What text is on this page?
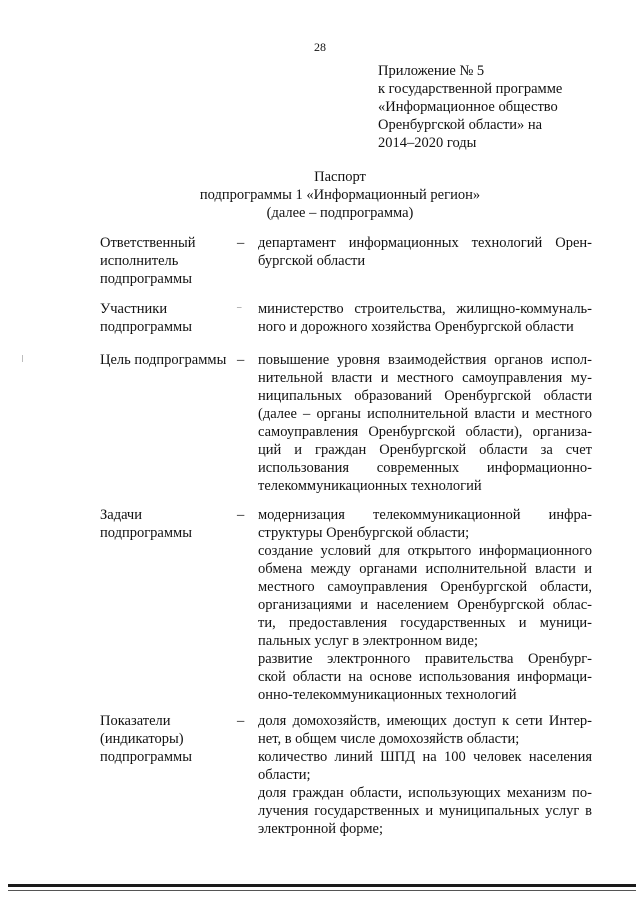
28
Приложение № 5
к государственной программе
«Информационное общество
Оренбургской области» на
2014–2020 годы
Паспорт
подпрограммы 1 «Информационный регион»
(далее – подпрограмма)
Ответственный
исполнитель
подпрограммы
– департамент информационных технологий Орен-
бургской области
Участники
подпрограммы
–	министерство строительства, жилищно-коммуналь-
ного и дорожного хозяйства Оренбургской области
Цель подпрограммы – повышение уровня взаимодействия органов испол-
нительной власти и местного самоуправления му-
ниципальных образований Оренбургской области
(далее – органы исполнительной власти и местного
самоуправления Оренбургской области), организа-
ций и граждан Оренбургской области за счет
использования современных информационно-
телекоммуникационных технологий
Задачи
подпрограммы
– модернизация телекоммуникационной инфра-
структуры Оренбургской области;
создание условий для открытого информационного
обмена между органами исполнительной власти и
местного самоуправления Оренбургской области,
организациями и населением Оренбургской облас-
ти, предоставления государственных и муници-
пальных услуг в электронном виде;
развитие электронного правительства Оренбург-
ской области на основе использования информаци-
онно-телекоммуникационных технологий
Показатели
(индикаторы)
подпрограммы
– доля домохозяйств, имеющих доступ к сети Интер-
нет, в общем числе домохозяйств области;
количество линий ШПД на 100 человек населения
области;
доля граждан области, использующих механизм по-
лучения государственных и муниципальных услуг в
электронной форме;
